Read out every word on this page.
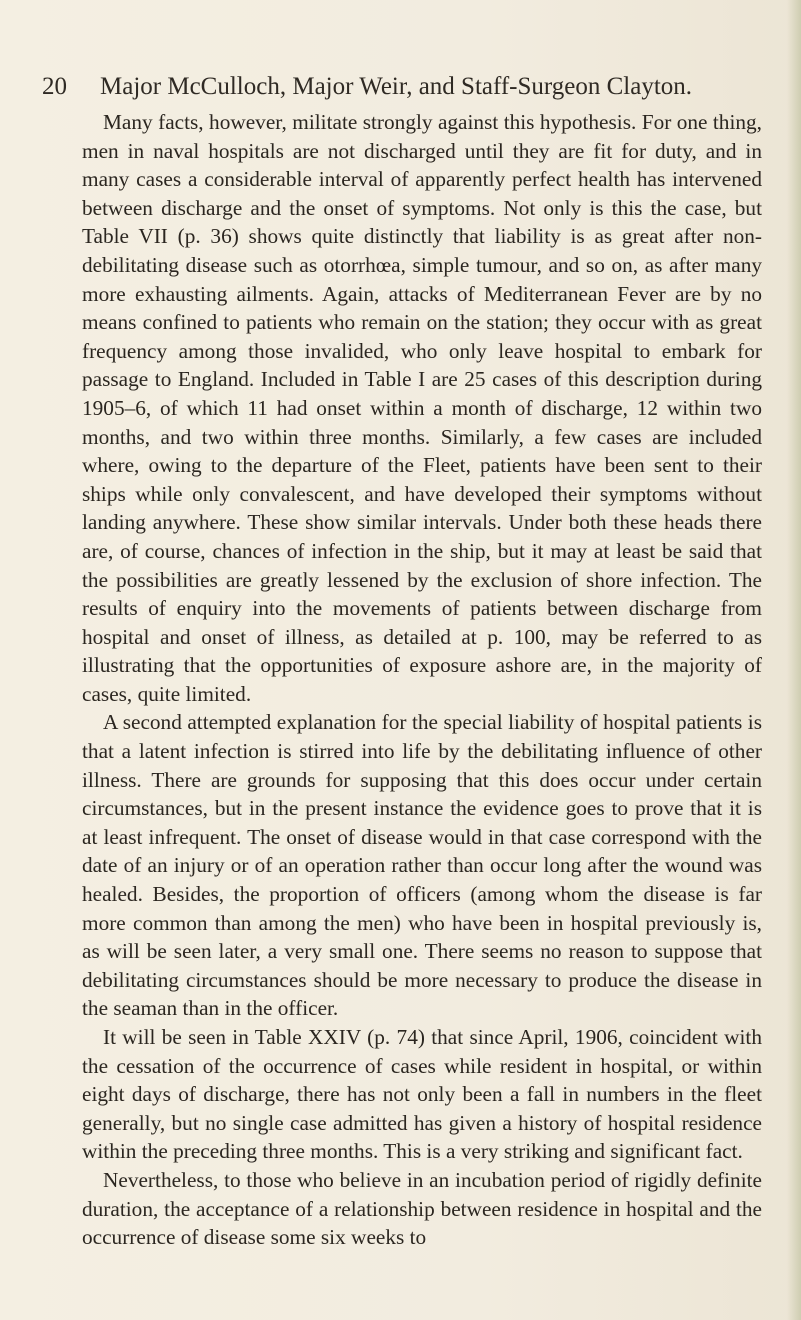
20 Major McCulloch, Major Weir, and Staff-Surgeon Clayton.

Many facts, however, militate strongly against this hypothesis. For one thing, men in naval hospitals are not discharged until they are fit for duty, and in many cases a considerable interval of apparently perfect health has intervened between discharge and the onset of symptoms. Not only is this the case, but Table VII (p. 36) shows quite distinctly that liability is as great after non-debilitating disease such as otorrhœa, simple tumour, and so on, as after many more exhausting ailments. Again, attacks of Mediterranean Fever are by no means confined to patients who remain on the station; they occur with as great frequency among those invalided, who only leave hospital to embark for passage to England. Included in Table I are 25 cases of this description during 1905–6, of which 11 had onset within a month of discharge, 12 within two months, and two within three months. Similarly, a few cases are included where, owing to the departure of the Fleet, patients have been sent to their ships while only convalescent, and have developed their symptoms without landing anywhere. These show similar intervals. Under both these heads there are, of course, chances of infection in the ship, but it may at least be said that the possibilities are greatly lessened by the exclusion of shore infection. The results of enquiry into the movements of patients between discharge from hospital and onset of illness, as detailed at p. 100, may be referred to as illustrating that the opportunities of exposure ashore are, in the majority of cases, quite limited.

A second attempted explanation for the special liability of hospital patients is that a latent infection is stirred into life by the debilitating influence of other illness. There are grounds for supposing that this does occur under certain circumstances, but in the present instance the evidence goes to prove that it is at least infrequent. The onset of disease would in that case correspond with the date of an injury or of an operation rather than occur long after the wound was healed. Besides, the proportion of officers (among whom the disease is far more common than among the men) who have been in hospital previously is, as will be seen later, a very small one. There seems no reason to suppose that debilitating circumstances should be more necessary to produce the disease in the seaman than in the officer.

It will be seen in Table XXIV (p. 74) that since April, 1906, coincident with the cessation of the occurrence of cases while resident in hospital, or within eight days of discharge, there has not only been a fall in numbers in the fleet generally, but no single case admitted has given a history of hospital residence within the preceding three months. This is a very striking and significant fact.

Nevertheless, to those who believe in an incubation period of rigidly definite duration, the acceptance of a relationship between residence in hospital and the occurrence of disease some six weeks to
